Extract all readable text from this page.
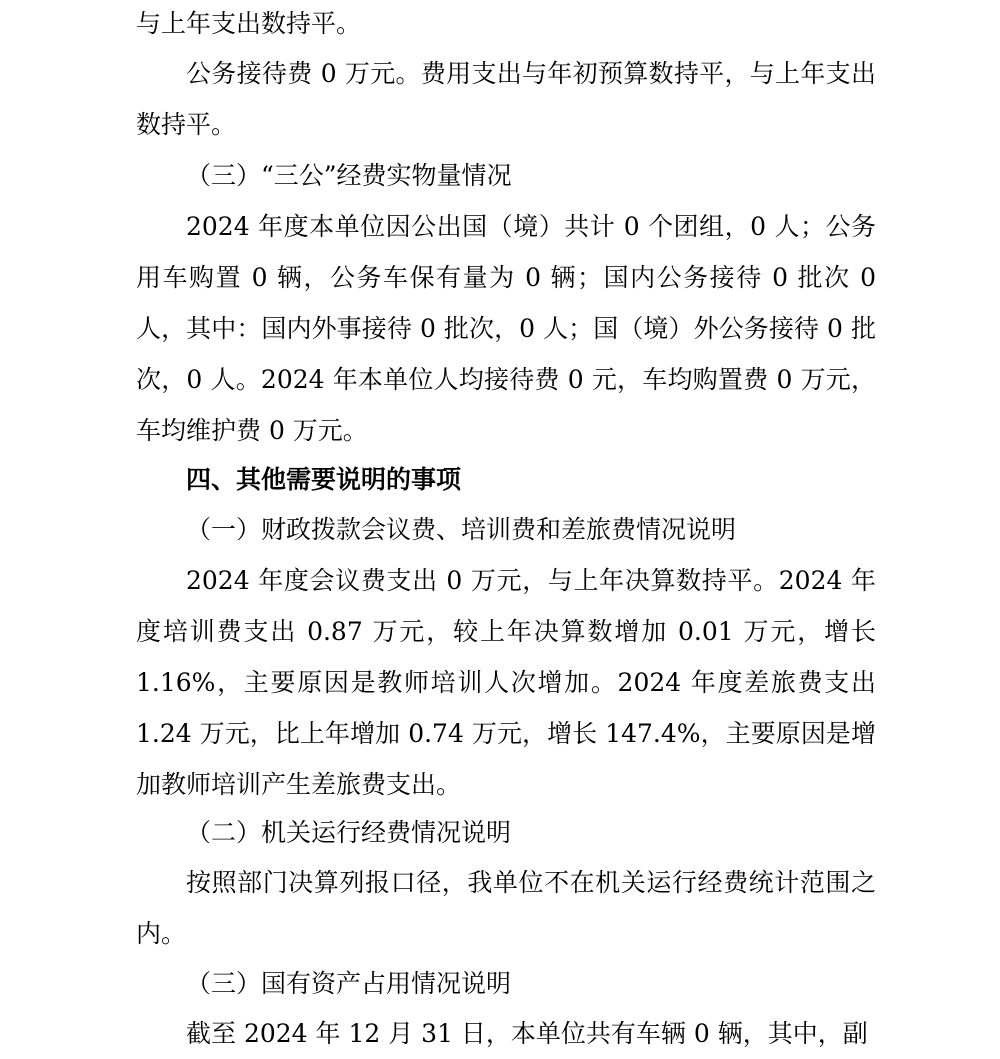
与上年支出数持平。

公务接待费 0 万元。费用支出与年初预算数持平，与上年支出数持平。

（三）“三公”经费实物量情况

2024 年度本单位因公出国（境）共计 0 个团组，0 人；公务用车购置 0 辆，公务车保有量为 0 辆；国内公务接待 0 批次 0 人，其中：国内外事接待 0 批次，0 人；国（境）外公务接待 0 批次，0 人。2024 年本单位人均接待费 0 元，车均购置费 0 万元，车均维护费 0 万元。

四、其他需要说明的事项

（一）财政拨款会议费、培训费和差旅费情况说明

2024 年度会议费支出 0 万元，与上年决算数持平。2024 年度培训费支出 0.87 万元，较上年决算数增加 0.01 万元，增长 1.16%，主要原因是教师培训人次增加。2024 年度差旅费支出 1.24 万元，比上年增加 0.74 万元，增长 147.4%，主要原因是增加教师培训产生差旅费支出。

（二）机关运行经费情况说明

按照部门决算列报口径，我单位不在机关运行经费统计范围之内。

（三）国有资产占用情况说明

截至 2024 年 12 月 31 日，本单位共有车辆 0 辆，其中，副
